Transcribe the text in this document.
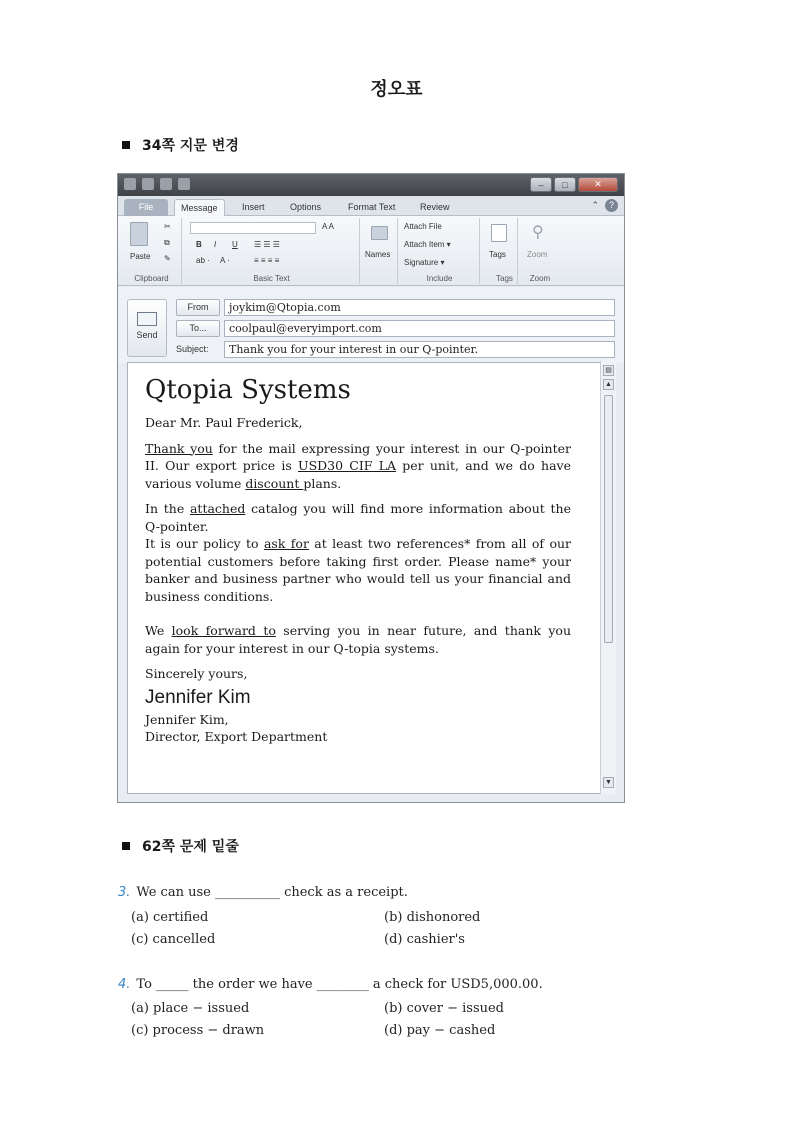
정오표
34쪽 지문 변경
–	□	✕
File	Message	Insert	Options	Format Text	Review	⌃	?
Paste
✂
⧉
✎
Clipboard
A A
B I U ☰ ☰ ☰
ab · A ·	≡ ≡ ≡ ≡
Basic Text
Names
Attach File
Attach Item ▾
Signature ▾
Include
Tags
⚲
Zoom
Zoom
Tags
Send
From	joykim@Qtopia.com
To...	coolpaul@everyimport.com
Subject:	Thank you for your interest in our Q-pointer.
▤
▲
▼
Qtopia Systems

Dear Mr. Paul Frederick,

Thank you for the mail expressing your interest in our Q-pointer II. Our export price is USD30 CIF LA per unit, and we do have various volume discount plans.

In the attached catalog you will find more information about the Q-pointer.

It is our policy to ask for at least two references* from all of our potential customers before taking first order. Please name* your banker and business partner who would tell us your financial and business conditions.

We look forward to serving you in near future, and thank you again for your interest in our Q-topia systems.

Sincerely yours,

Jennifer Kim
Jennifer Kim,
Director, Export Department
62쪽 문제 밑줄
3. We can use __________ check as a receipt.
(a) certified	(b) dishonored
(c) cancelled	(d) cashier's
4. To _____ the order we have ________ a check for USD5,000.00.
(a) place − issued	(b) cover − issued
(c) process − drawn	(d) pay − cashed
